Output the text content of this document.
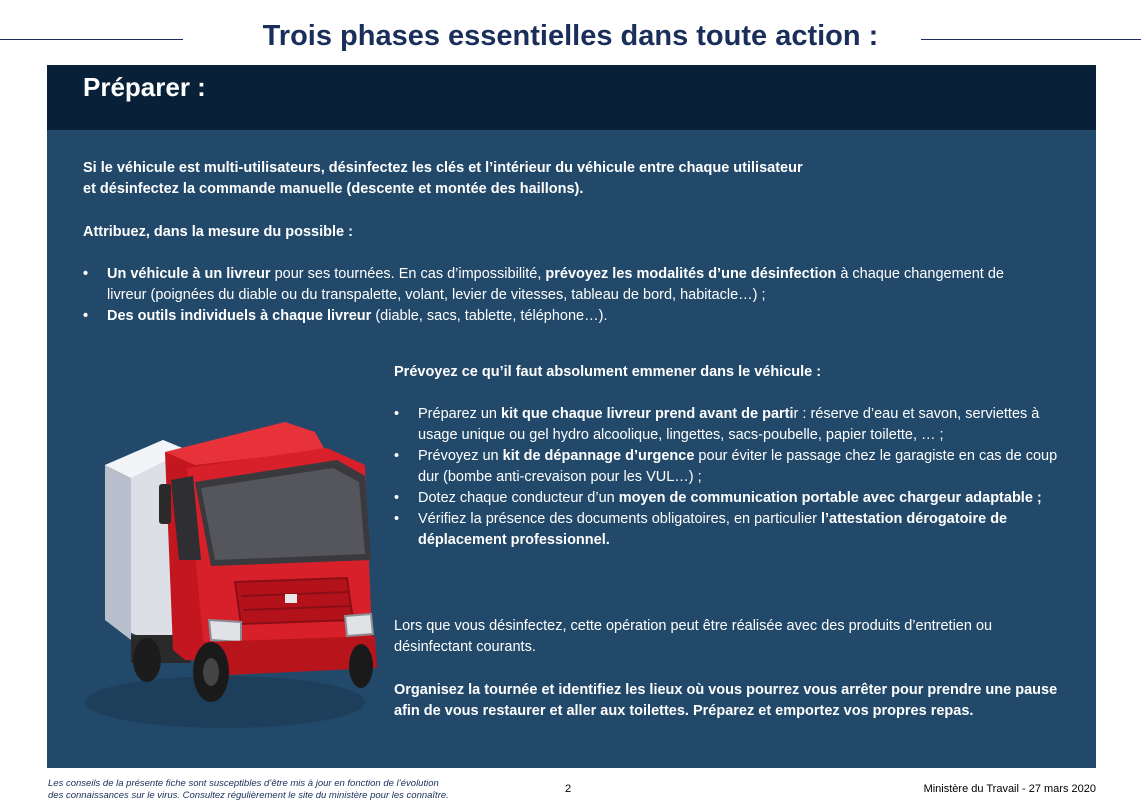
Trois phases essentielles dans toute action :
Préparer :
Si le véhicule est multi-utilisateurs, désinfectez les clés et l’intérieur du véhicule entre chaque utilisateur
et désinfectez la commande manuelle (descente et montée des haillons).
Attribuez, dans la mesure du possible :
• Un véhicule à un livreur pour ses tournées. En cas d’impossibilité, prévoyez les modalités d’une désinfection à chaque changement de livreur (poignées du diable ou du transpalette, volant, levier de vitesses, tableau de bord, habitacle…) ;
• Des outils individuels à chaque livreur (diable, sacs, tablette, téléphone…).
Prévoyez ce qu’il faut absolument emmener dans le véhicule :
• Préparez un kit que chaque livreur prend avant de partir : réserve d’eau et savon, serviettes à usage unique ou gel hydro alcoolique, lingettes, sacs-poubelle, papier toilette, … ;
• Prévoyez un kit de dépannage d’urgence pour éviter le passage chez le garagiste en cas de coup dur (bombe anti-crevaison pour les VUL…) ;
• Dotez chaque conducteur d’un moyen de communication portable avec chargeur adaptable ;
• Vérifiez la présence des documents obligatoires, en particulier l’attestation dérogatoire de déplacement professionnel.
Lors que vous désinfectez, cette opération peut être réalisée avec des produits d’entretien ou désinfectant courants.
Organisez la tournée et identifiez les lieux où vous pourrez vous arrêter pour prendre une pause afin de vous restaurer et aller aux toilettes. Préparez et emportez vos propres repas.
Les conseils de la présente fiche sont susceptibles d’être mis à jour en fonction de l’évolution
des connaissances sur le virus. Consultez régulièrement le site du ministère pour les connaître.
2	Ministère du Travail - 27 mars 2020
